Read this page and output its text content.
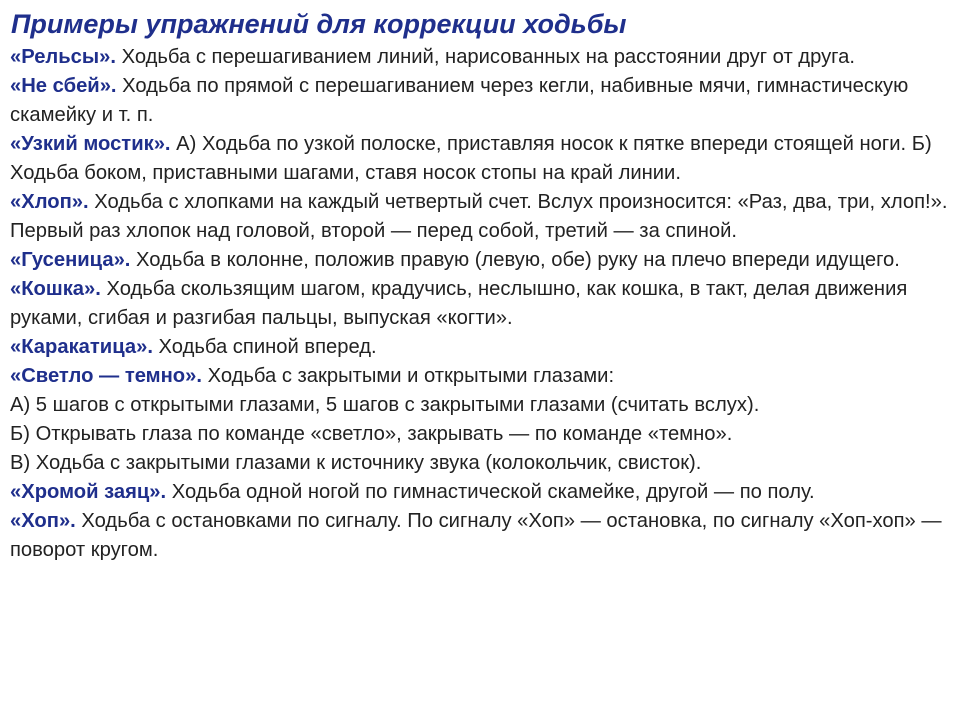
Примеры упражнений для коррекции ходьбы

«Рельсы». Ходьба с перешагиванием линий, нарисованных на расстоянии друг от друга.

«Не сбей». Ходьба по прямой с перешагиванием через кегли, набивные мячи, гимнастическую скамейку и т. п.

«Узкий мостик». А) Ходьба по узкой полоске, приставляя носок к пятке впереди стоящей ноги. Б) Ходьба боком, приставными шагами, ставя носок стопы на край линии.

«Хлоп». Ходьба с хлопками на каждый четвертый счет. Вслух произносится: «Раз, два, три, хлоп!». Первый раз хлопок над головой, второй — перед собой, третий — за спиной.

«Гусеница». Ходьба в колонне, положив правую (левую, обе) руку на плечо впереди идущего.

«Кошка». Ходьба скользящим шагом, крадучись, неслышно, как кошка, в такт, делая движения руками, сгибая и разгибая пальцы, выпуская «когти».

«Каракатица». Ходьба спиной вперед.

«Светло — темно». Ходьба с закрытыми и открытыми глазами:

А) 5 шагов с открытыми глазами, 5 шагов с закрытыми глазами (считать вслух).

Б) Открывать глаза по команде «светло», закрывать — по команде «темно».

В) Ходьба с закрытыми глазами к источнику звука (колокольчик, свисток).

«Хромой заяц». Ходьба одной ногой по гимнастической скамейке, другой — по полу.

«Хоп». Ходьба с остановками по сигналу. По сигналу «Хоп» — остановка, по сигналу «Хоп-хоп» — поворот кругом.
